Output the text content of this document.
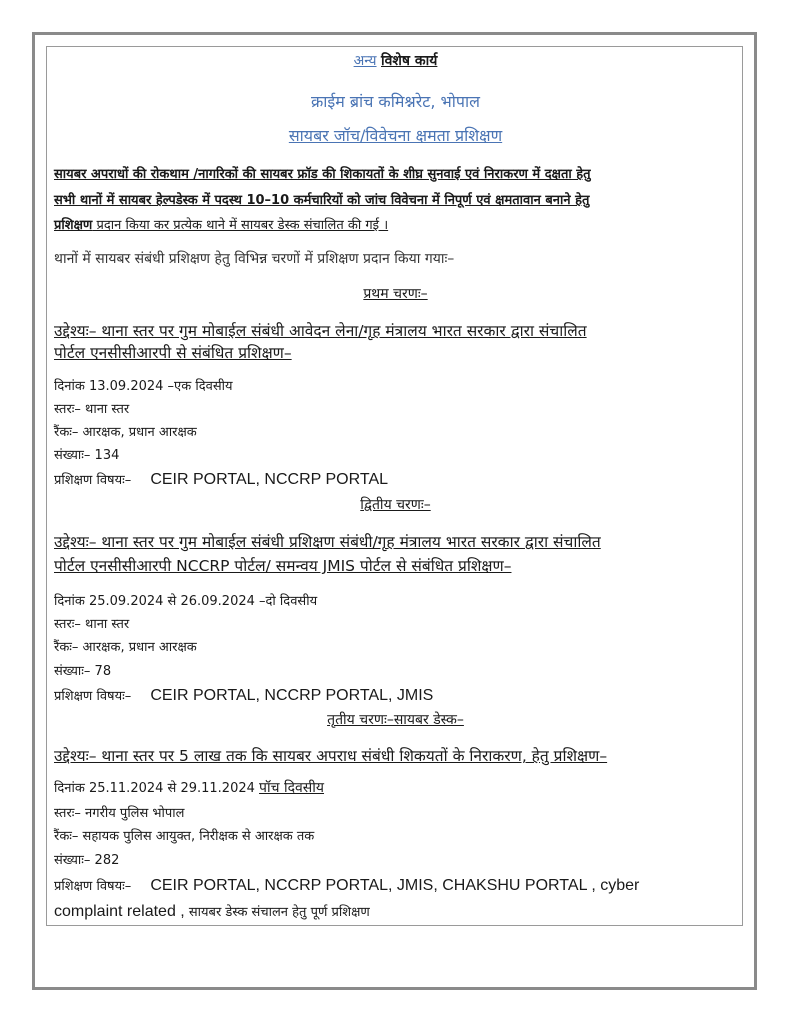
अन्य विशेष कार्य
क्राईम ब्रांच कमिश्नरेट, भोपाल
सायबर जॉच/विवेचना क्षमता प्रशिक्षण
सायबर अपराधों की रोकथाम /नागरिकों की सायबर फ्रॉड की शिकायतों के शीघ्र सुनवाई एवं निराकरण में दक्षता हेतु
सभी थानों में सायबर हेल्पडेस्क में पदस्थ 10–10 कर्मचारियों को जांच विवेचना में निपूर्ण एवं क्षमतावान बनाने हेतु
प्रशिक्षण प्रदान किया कर प्रत्येक थाने में सायबर डेस्क संचालित की गई ।
थानों में सायबर संबंधी प्रशिक्षण हेतु विभिन्न चरणों में प्रशिक्षण प्रदान किया गयाः–
प्रथम चरणः–
उद्देश्यः– थाना स्तर पर गुम मोबाईल संबंधी आवेदन लेना/गृह मंत्रालय भारत सरकार द्वारा संचालित
पोर्टल एनसीसीआरपी से संबंधित प्रशिक्षण–
दिनांक 13.09.2024 –एक दिवसीय
स्तरः– थाना स्तर
रैंकः– आरक्षक, प्रधान आरक्षक
संख्याः– 134
प्रशिक्षण विषयः– CEIR PORTAL, NCCRP PORTAL
द्वितीय चरणः–
उद्देश्यः– थाना स्तर पर गुम मोबाईल संबंधी प्रशिक्षण संबंधी/गृह मंत्रालय भारत सरकार द्वारा संचालित
पोर्टल एनसीसीआरपी NCCRP पोर्टल/ समन्वय JMIS पोर्टल से संबंधित प्रशिक्षण–
दिनांक 25.09.2024 से 26.09.2024 –दो दिवसीय
स्तरः– थाना स्तर
रैंकः– आरक्षक, प्रधान आरक्षक
संख्याः– 78
प्रशिक्षण विषयः– CEIR PORTAL, NCCRP PORTAL, JMIS
तृतीय चरणः–सायबर डेस्क–
उद्देश्यः– थाना स्तर पर 5 लाख तक कि सायबर अपराध संबंधी शिकयतों के निराकरण, हेतु प्रशिक्षण–
दिनांक 25.11.2024 से 29.11.2024 पॉच दिवसीय
स्तरः– नगरीय पुलिस भोपाल
रैंकः– सहायक पुलिस आयुक्त, निरीक्षक से आरक्षक तक
संख्याः– 282
प्रशिक्षण विषयः– CEIR PORTAL, NCCRP PORTAL, JMIS, CHAKSHU PORTAL , cyber
complaint related , सायबर डेस्क संचालन हेतु पूर्ण प्रशिक्षण
